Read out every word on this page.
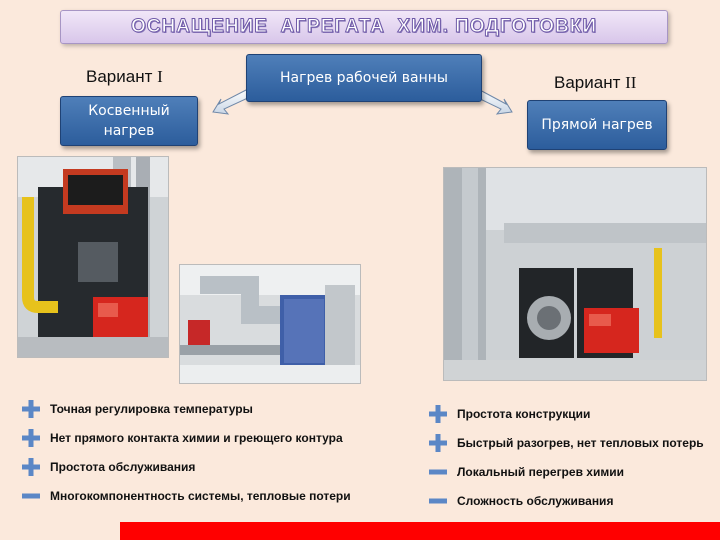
ОСНАЩЕНИЕ  АГРЕГАТА  ХИМ. ПОДГОТОВКИ
Нагрев рабочей ванны
Вариант I	Вариант II
Косвенный нагрев	Прямой нагрев
Точная регулировка температуры
Нет прямого контакта химии и греющего контура
Простота обслуживания
Многокомпонентность системы, тепловые потери
Простота конструкции
Быстрый разогрев, нет тепловых потерь
Локальный перегрев химии
Сложность обслуживания
